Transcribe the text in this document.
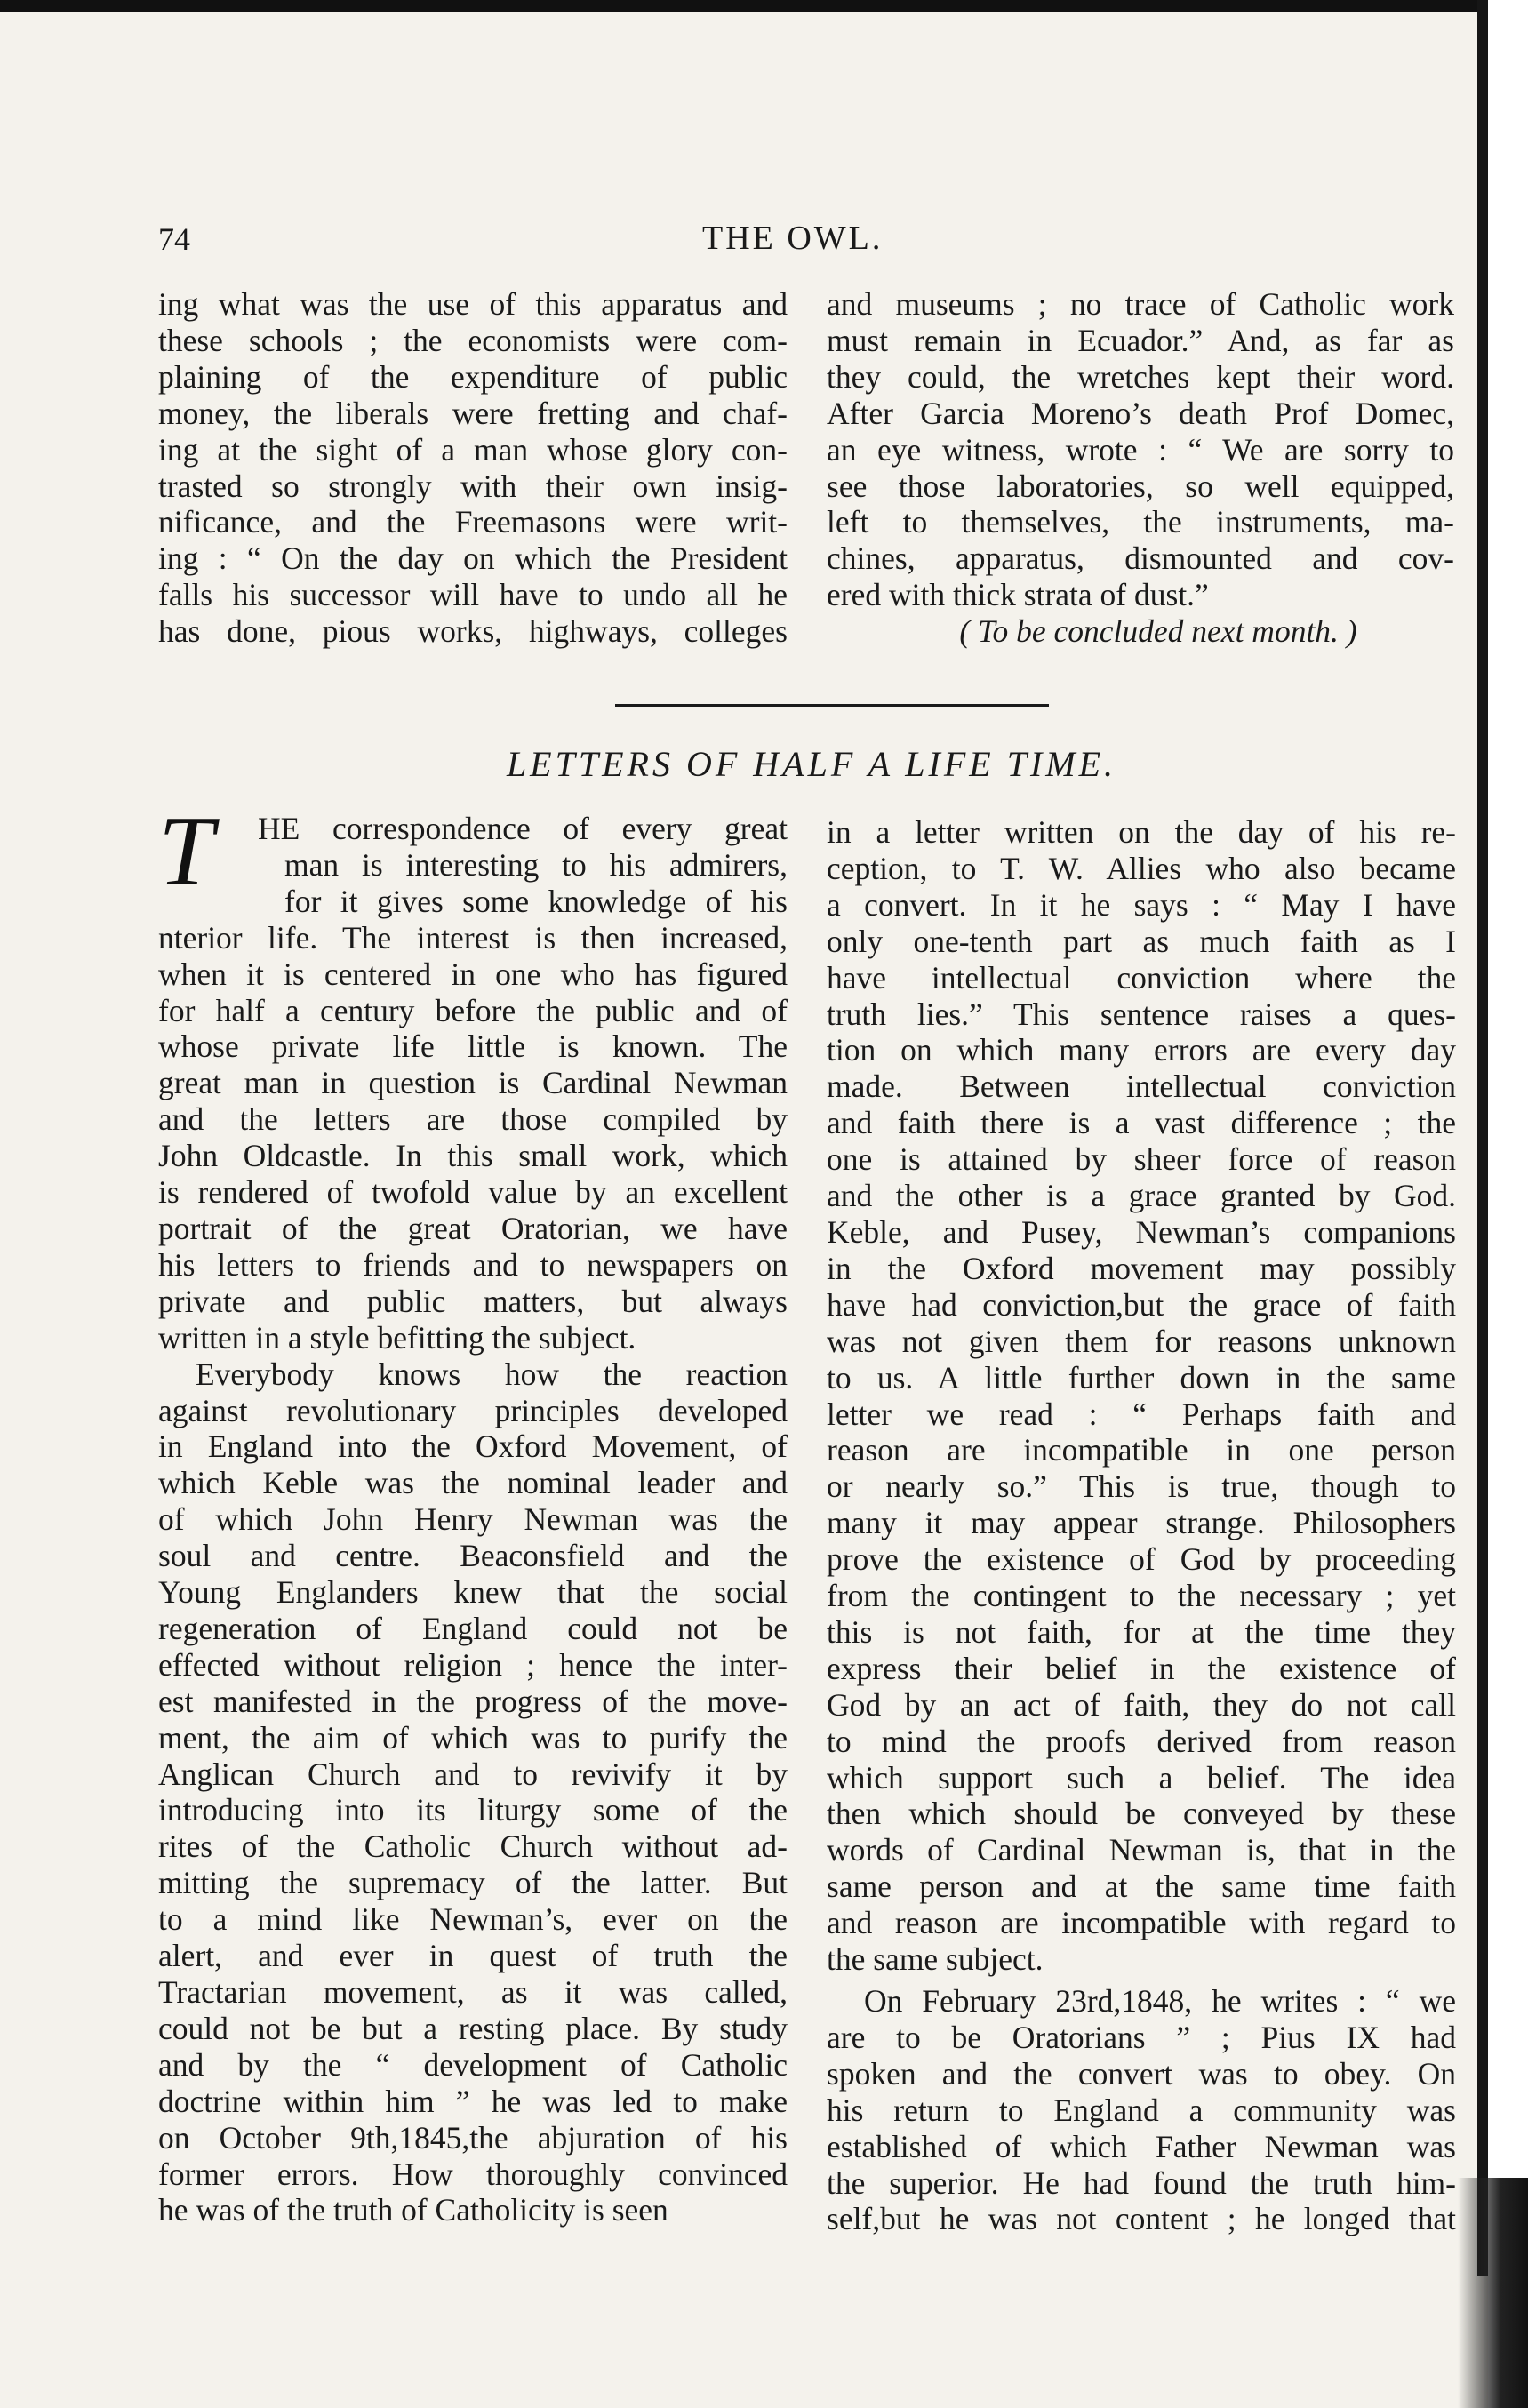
74	THE OWL.
ing what was the use of this apparatus and
these schools ; the economists were com-
plaining of the expenditure of public
money, the liberals were fretting and chaf-
ing at the sight of a man whose glory con-
trasted so strongly with their own insig-
nificance, and the Freemasons were writ-
ing : “ On the day on which the President
falls his successor will have to undo all he
has done, pious works, highways, colleges
and museums ; no trace of Catholic work
must remain in Ecuador.” And, as far as
they could, the wretches kept their word.
After Garcia Moreno’s death Prof Domec,
an eye witness, wrote : “ We are sorry to
see those laboratories, so well equipped,
left to themselves, the instruments, ma-
chines, apparatus, dismounted and cov-
ered with thick strata of dust.”
( To be concluded next month. )
LETTERS OF HALF A LIFE TIME.
T	HE correspondence of every great
man is interesting to his admirers,
for it gives some knowledge of his
nterior life. The interest is then increased,
when it is centered in one who has figured
for half a century before the public and of
whose private life little is known. The
great man in question is Cardinal Newman
and the letters are those compiled by
John Oldcastle. In this small work, which
is rendered of twofold value by an excellent
portrait of the great Oratorian, we have
his letters to friends and to newspapers on
private and public matters, but always
written in a style befitting the subject.
Everybody knows how the reaction
against revolutionary principles developed
in England into the Oxford Movement, of
which Keble was the nominal leader and
of which John Henry Newman was the
soul and centre. Beaconsfield and the
Young Englanders knew that the social
regeneration of England could not be
effected without religion ; hence the inter-
est manifested in the progress of the move-
ment, the aim of which was to purify the
Anglican Church and to revivify it by
introducing into its liturgy some of the
rites of the Catholic Church without ad-
mitting the supremacy of the latter. But
to a mind like Newman’s, ever on the
alert, and ever in quest of truth the
Tractarian movement, as it was called,
could not be but a resting place. By study
and by the “ development of Catholic
doctrine within him ” he was led to make
on October 9th,1845,the abjuration of his
former errors. How thoroughly convinced
he was of the truth of Catholicity is seen
in a letter written on the day of his re-
ception, to T. W. Allies who also became
a convert. In it he says : “ May I have
only one-tenth part as much faith as I
have intellectual conviction where the
truth lies.” This sentence raises a ques-
tion on which many errors are every day
made. Between intellectual conviction
and faith there is a vast difference ; the
one is attained by sheer force of reason
and the other is a grace granted by God.
Keble, and Pusey, Newman’s companions
in the Oxford movement may possibly
have had conviction,but the grace of faith
was not given them for reasons unknown
to us. A little further down in the same
letter we read : “ Perhaps faith and
reason are incompatible in one person
or nearly so.” This is true, though to
many it may appear strange. Philosophers
prove the existence of God by proceeding
from the contingent to the necessary ; yet
this is not faith, for at the time they
express their belief in the existence of
God by an act of faith, they do not call
to mind the proofs derived from reason
which support such a belief. The idea
then which should be conveyed by these
words of Cardinal Newman is, that in the
same person and at the same time faith
and reason are incompatible with regard to
the same subject.
On February 23rd,1848, he writes : “ we
are to be Oratorians ” ; Pius IX had
spoken and the convert was to obey. On
his return to England a community was
established of which Father Newman was
the superior. He had found the truth him-
self,but he was not content ; he longed that
